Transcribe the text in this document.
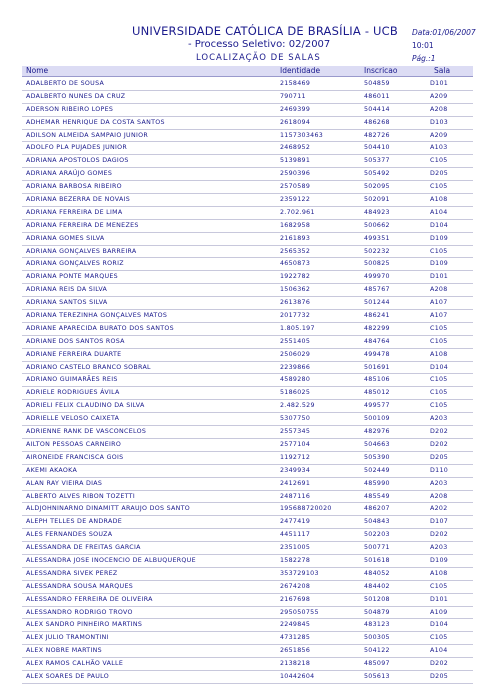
UNIVERSIDADE CATÓLICA DE BRASÍLIA - UCB
- Processo Seletivo: 02/2007
LOCALIZAÇÃO DE SALAS
Data:01/06/2007
10:01
Pág.:1
Nome	Identidade	Inscricao	Sala
ADALBERTO DE SOUSA	2158469	504859	D101
ADALBERTO NUNES DA CRUZ	790711	486011	A209
ADERSON RIBEIRO LOPES	2469399	504414	A208
ADHEMAR HENRIQUE DA COSTA SANTOS	2618094	486268	D103
ADILSON ALMEIDA SAMPAIO JUNIOR	1157303463	482726	A209
ADOLFO PLA PUJADES JUNIOR	2468952	504410	A103
ADRIANA APOSTOLOS DAGIOS	5139891	505377	C105
ADRIANA ARAÚJO GOMES	2590396	505492	D205
ADRIANA BARBOSA RIBEIRO	2570589	502095	C105
ADRIANA BEZERRA DE NOVAIS	2359122	502091	A108
ADRIANA FERREIRA DE LIMA	2.702.961	484923	A104
ADRIANA FERREIRA DE MENEZES	1682958	500662	D104
ADRIANA GOMES SILVA	2161893	499351	D109
ADRIANA GONÇALVES BARREIRA	2565352	502232	C105
ADRIANA GONÇALVES RORIZ	4650873	500825	D109
ADRIANA PONTE MARQUES	1922782	499970	D101
ADRIANA REIS DA SILVA	1506362	485767	A208
ADRIANA SANTOS SILVA	2613876	501244	A107
ADRIANA TEREZINHA GONÇALVES MATOS	2017732	486241	A107
ADRIANE APARECIDA BURATO DOS SANTOS	1.805.197	482299	C105
ADRIANE DOS SANTOS ROSA	2551405	484764	C105
ADRIANE FERREIRA DUARTE	2506029	499478	A108
ADRIANO CASTELO BRANCO SOBRAL	2239866	501691	D104
ADRIANO GUIMARÃES REIS	4589280	485106	C105
ADRIELE RODRIGUES ÁVILA	5186025	485012	C105
ADRIELI FELIX CLAUDINO DA SILVA	2.482.529	499577	C105
ADRIELLE VELOSO CAIXETA	5307750	500109	A203
ADRIENNE RANK DE VASCONCELOS	2557345	482976	D202
AILTON PESSOAS CARNEIRO	2577104	504663	D202
AIRONEIDE FRANCISCA GOIS	1192712	505390	D205
AKEMI AKAOKA	2349934	502449	D110
ALAN RAY VIEIRA DIAS	2412691	485990	A203
ALBERTO ALVES RIBON TOZETTI	2487116	485549	A208
ALDJOHNINARNO DINAMITT ARAUJO DOS SANTO	195688720020	486207	A202
ALEPH TELLES DE ANDRADE	2477419	504843	D107
ALES FERNANDES SOUZA	4451117	502203	D202
ALESSANDRA DE FREITAS GARCIA	2351005	500771	A203
ALESSANDRA JOSE INOCENCIO DE ALBUQUERQUE	1582278	501618	D109
ALESSANDRA SIVEK PEREZ	353729103	484052	A108
ALESSANDRA SOUSA MARQUES	2674208	484402	C105
ALESSANDRO FERREIRA DE OLIVEIRA	2167698	501208	D101
ALESSANDRO RODRIGO TROVO	295050755	504879	A109
ALEX SANDRO PINHEIRO MARTINS	2249845	483123	D104
ALEX JULIO TRAMONTINI	4731285	500305	C105
ALEX NOBRE MARTINS	2651856	504122	A104
ALEX RAMOS CALHÃO VALLE	2138218	485097	D202
ALEX SOARES DE PAULO	10442604	505613	D205
